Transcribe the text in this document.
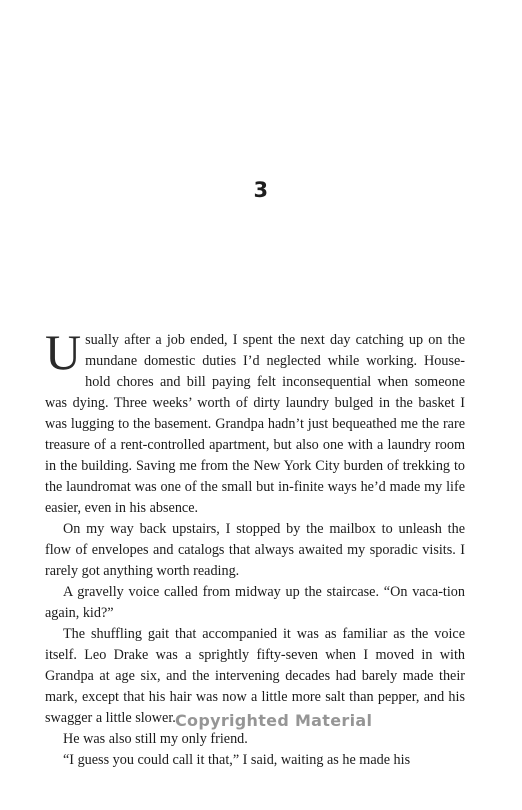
3

Usually after a job ended, I spent the next day catching up on the mundane domestic duties I’d neglected while working. House-hold chores and bill paying felt inconsequential when someone was dying. Three weeks’ worth of dirty laundry bulged in the basket I was lugging to the basement. Grandpa hadn’t just bequeathed me the rare treasure of a rent-controlled apartment, but also one with a laundry room in the building. Saving me from the New York City burden of trekking to the laundromat was one of the small but in-finite ways he’d made my life easier, even in his absence.

On my way back upstairs, I stopped by the mailbox to unleash the flow of envelopes and catalogs that always awaited my sporadic visits. I rarely got anything worth reading.

A gravelly voice called from midway up the staircase. “On vaca-tion again, kid?”

The shuffling gait that accompanied it was as familiar as the voice itself. Leo Drake was a sprightly fifty-seven when I moved in with Grandpa at age six, and the intervening decades had barely made their mark, except that his hair was now a little more salt than pepper, and his swagger a little slower.

He was also still my only friend.

“I guess you could call it that,” I said, waiting as he made his

Copyrighted Material
